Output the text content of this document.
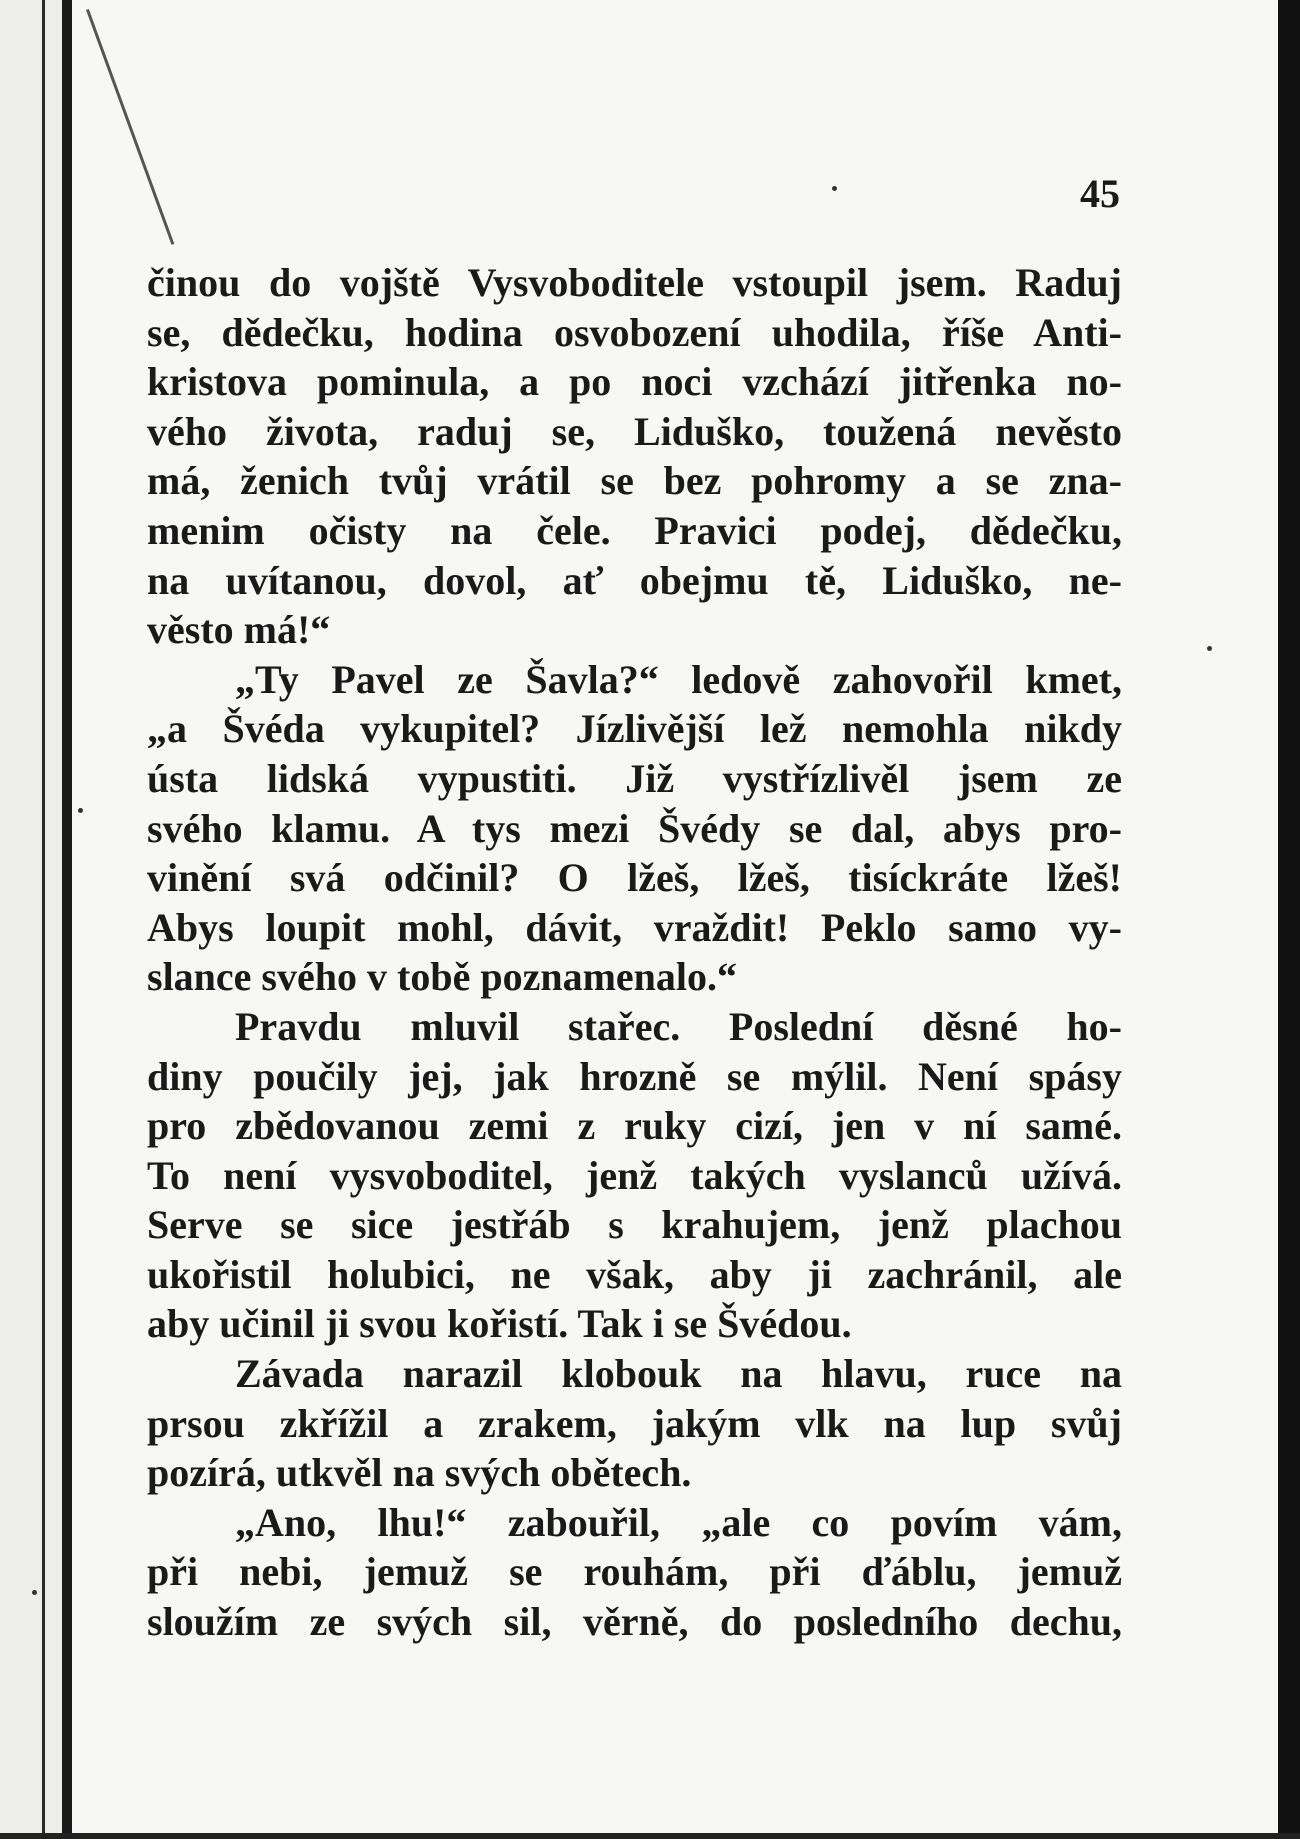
45

činou do vojště Vysvoboditele vstoupil jsem. Raduj

se, dědečku, hodina osvobození uhodila, říše Anti-

kristova pominula, a po noci vzchází jitřenka no-

vého života, raduj se, Liduško, toužená nevěsto

má, ženich tvůj vrátil se bez pohromy a se zna-

menim očisty na čele. Pravici podej, dědečku,

na uvítanou, dovol, ať obejmu tě, Liduško, ne-

věsto má!“

„Ty Pavel ze Šavla?“ ledově zahovořil kmet,

„a Švéda vykupitel? Jízlivější lež nemohla nikdy

ústa lidská vypustiti. Již vystřízlivěl jsem ze

svého klamu. A tys mezi Švédy se dal, abys pro-

vinění svá odčinil? O lžeš, lžeš, tisíckráte lžeš!

Abys loupit mohl, dávit, vraždit! Peklo samo vy-

slance svého v tobě poznamenalo.“

Pravdu mluvil stařec. Poslední děsné ho-

diny poučily jej, jak hrozně se mýlil. Není spásy

pro zbědovanou zemi z ruky cizí, jen v ní samé.

To není vysvoboditel, jenž takých vyslanců užívá.

Serve se sice jestřáb s krahujem, jenž plachou

ukořistil holubici, ne však, aby ji zachránil, ale

aby učinil ji svou kořistí. Tak i se Švédou.

Závada narazil klobouk na hlavu, ruce na

prsou zkřížil a zrakem, jakým vlk na lup svůj

pozírá, utkvěl na svých obětech.

„Ano, lhu!“ zabouřil, „ale co povím vám,

při nebi, jemuž se rouhám, při ďáblu, jemuž

sloužím ze svých sil, věrně, do posledního dechu,
